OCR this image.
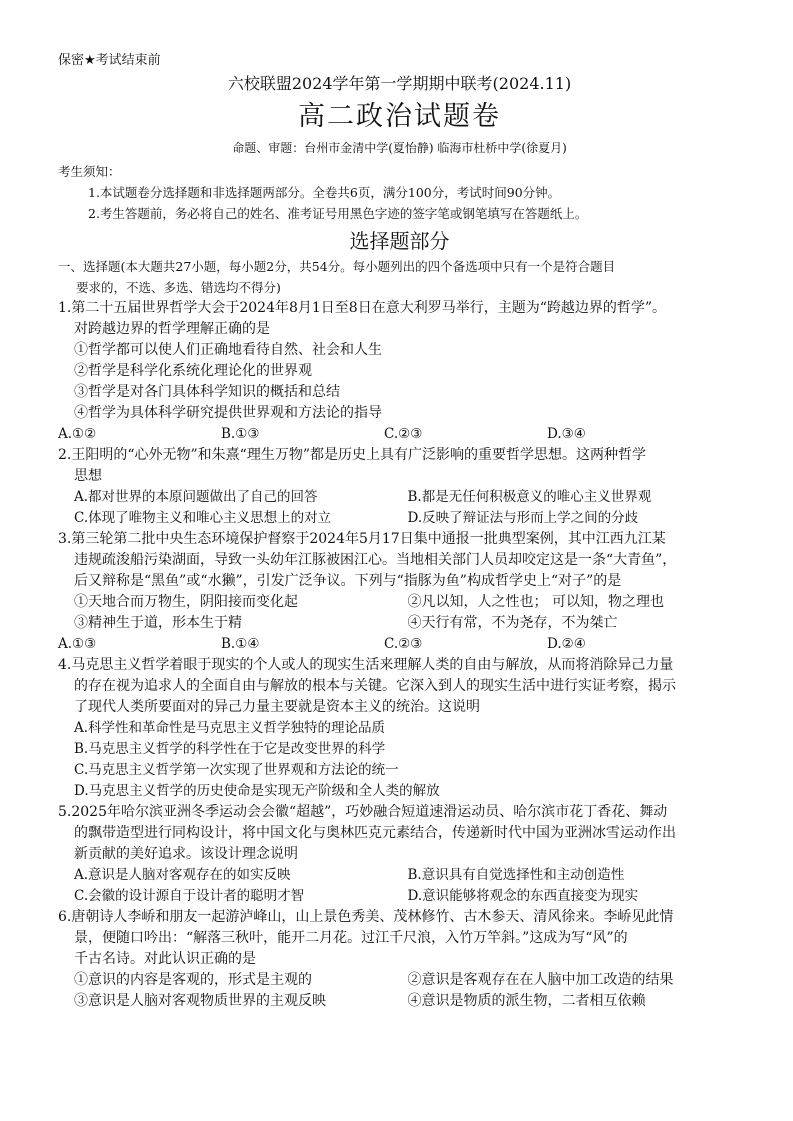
保密★考试结束前
六校联盟2024学年第一学期期中联考(2024.11)
高二政治试题卷
命题、审题：台州市金清中学(夏怡静) 临海市杜桥中学(徐夏月)
考生须知：
1.本试题卷分选择题和非选择题两部分。全卷共6页，满分100分，考试时间90分钟。
2.考生答题前，务必将自己的姓名、准考证号用黑色字迹的签字笔或钢笔填写在答题纸上。
选择题部分
一、选择题(本大题共27小题，每小题2分，共54分。每小题列出的四个备选项中只有一个是符合题目
要求的，不选、多选、错选均不得分)
1.第二十五届世界哲学大会于2024年8月1日至8日在意大利罗马举行，主题为“跨越边界的哲学”。
对跨越边界的哲学理解正确的是
①哲学都可以使人们正确地看待自然、社会和人生
②哲学是科学化系统化理论化的世界观
③哲学是对各门具体科学知识的概括和总结
④哲学为具体科学研究提供世界观和方法论的指导
A.①②	B.①③	C.②③	D.③④
2.王阳明的“心外无物”和朱熹“理生万物”都是历史上具有广泛影响的重要哲学思想。这两种哲学
思想
A.都对世界的本原问题做出了自己的回答	B.都是无任何积极意义的唯心主义世界观
C.体现了唯物主义和唯心主义思想上的对立	D.反映了辩证法与形而上学之间的分歧
3.第三轮第二批中央生态环境保护督察于2024年5月17日集中通报一批典型案例，其中江西九江某
违规疏浚船污染湖面，导致一头幼年江豚被困江心。当地相关部门人员却咬定这是一条“大青鱼”，
后又辩称是“黑鱼”或“水獭”，引发广泛争议。下列与“指豚为鱼”构成哲学史上“对子”的是
①天地合而万物生，阴阳接而变化起	②凡以知，人之性也； 可以知，物之理也
③精神生于道，形本生于精	④天行有常，不为尧存，不为桀亡
A.①③	B.①④	C.②③	D.②④
4.马克思主义哲学着眼于现实的个人或人的现实生活来理解人类的自由与解放，从而将消除异己力量
的存在视为追求人的全面自由与解放的根本与关键。它深入到人的现实生活中进行实证考察，揭示
了现代人类所要面对的异己力量主要就是资本主义的统治。这说明
A.科学性和革命性是马克思主义哲学独特的理论品质
B.马克思主义哲学的科学性在于它是改变世界的科学
C.马克思主义哲学第一次实现了世界观和方法论的统一
D.马克思主义哲学的历史使命是实现无产阶级和全人类的解放
5.2025年哈尔滨亚洲冬季运动会会徽“超越”，巧妙融合短道速滑运动员、哈尔滨市花丁香花、舞动
的飘带造型进行同构设计，将中国文化与奥林匹克元素结合，传递新时代中国为亚洲冰雪运动作出
新贡献的美好追求。该设计理念说明
A.意识是人脑对客观存在的如实反映	B.意识具有自觉选择性和主动创造性
C.会徽的设计源自于设计者的聪明才智	D.意识能够将观念的东西直接变为现实
6.唐朝诗人李峤和朋友一起游泸峰山，山上景色秀美、茂林修竹、古木参天、清风徐来。李峤见此情
景，便随口吟出：“解落三秋叶，能开二月花。过江千尺浪，入竹万竿斜。”这成为写“风”的
千古名诗。对此认识正确的是
①意识的内容是客观的，形式是主观的	②意识是客观存在在人脑中加工改造的结果
③意识是人脑对客观物质世界的主观反映	④意识是物质的派生物，二者相互依赖
